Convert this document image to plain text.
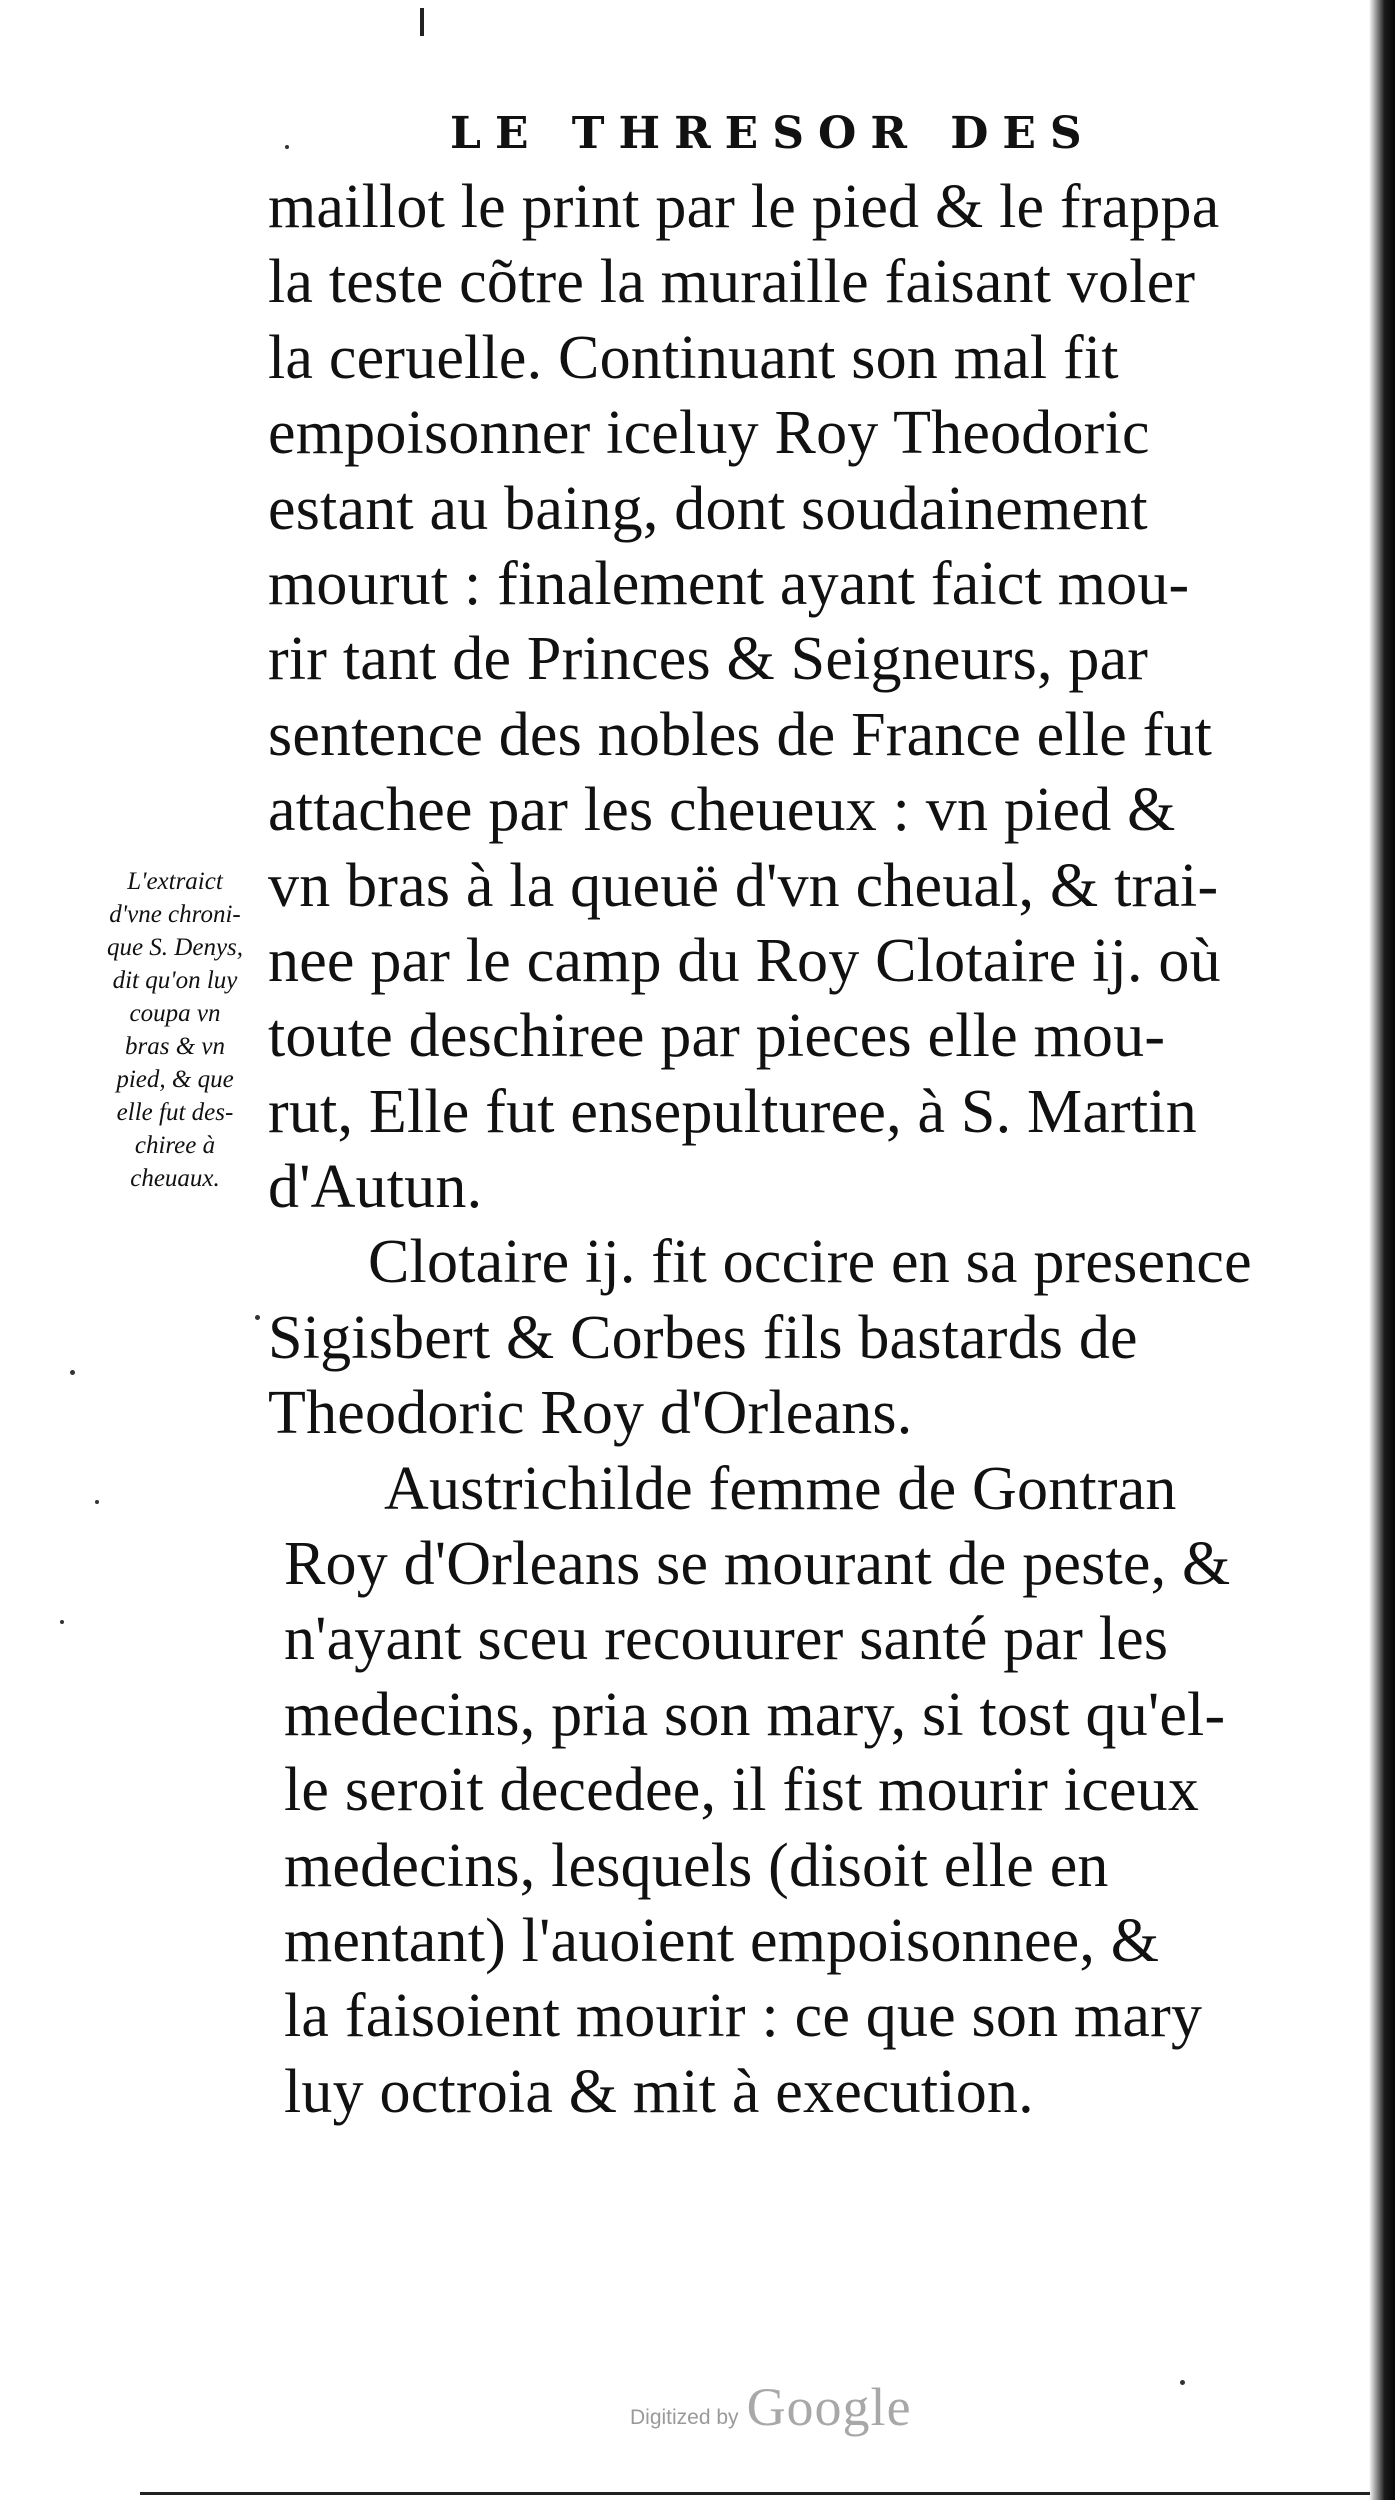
LE THRESOR DES
maillot le print par le pied & le frappa
la teste cõtre la muraille faisant voler
la ceruelle. Continuant son mal fit
empoisonner iceluy Roy Theodoric
estant au baing, dont soudainement
mourut : finalement ayant faict mou-
rir tant de Princes & Seigneurs, par
sentence des nobles de France elle fut
attachee par les cheueux : vn pied &
vn bras à la queuë d'vn cheual, & trai-
nee par le camp du Roy Clotaire ij. où
toute deschiree par pieces elle mou-
rut, Elle fut ensepulturee, à S. Martin
d'Autun.
Clotaire ij. fit occire en sa presence
Sigisbert & Corbes fils bastards de
Theodoric Roy d'Orleans.
Austrichilde femme de Gontran
Roy d'Orleans se mourant de peste, &
n'ayant sceu recouurer santé par les
medecins, pria son mary, si tost qu'el-
le seroit decedee, il fist mourir iceux
medecins, lesquels (disoit elle en
mentant) l'auoient empoisonnee, &
la faisoient mourir : ce que son mary
luy octroia & mit à execution.
L'extraict
d'vne chroni-
que S. Denys,
dit qu'on luy
coupa vn
bras & vn
pied, & que
elle fut des-
chiree à
cheuaux.
Digitized by Google
